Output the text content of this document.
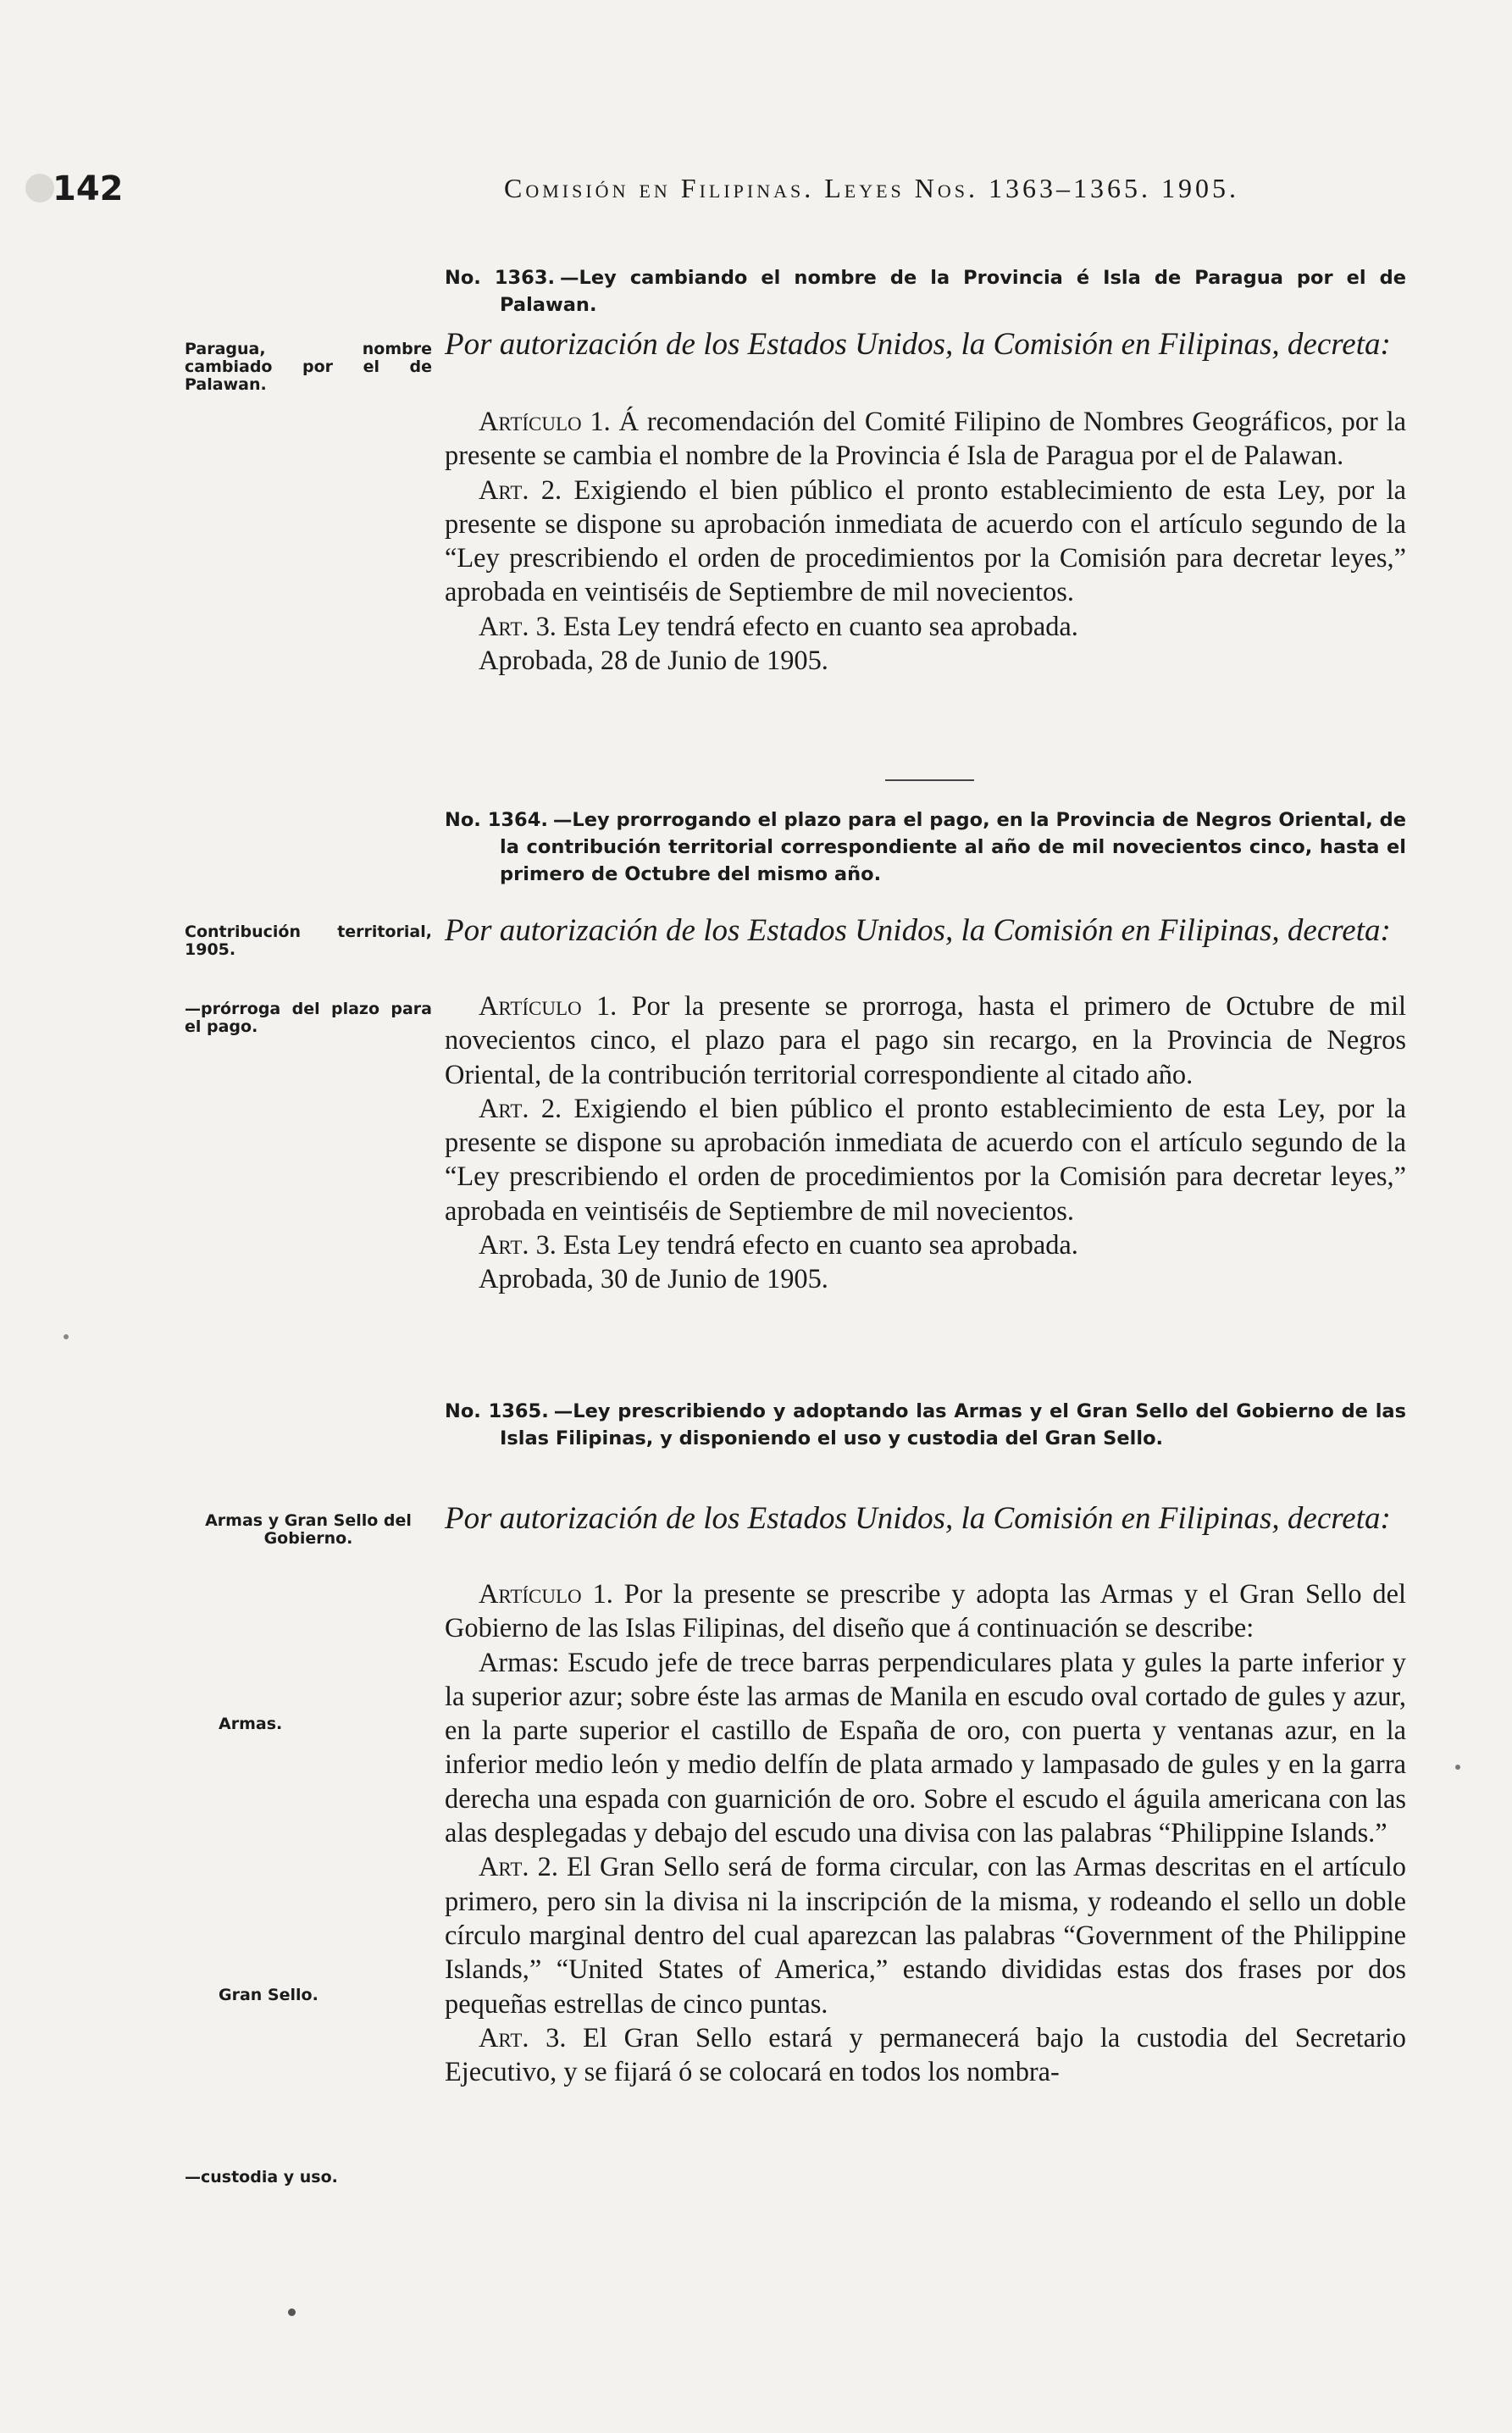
142	Comisión en Filipinas. Leyes Nos. 1363–1365. 1905.

No. 1363. —Ley cambiando el nombre de la Provincia é Isla de Paragua por el de Palawan.

Por autorización de los Estados Unidos, la Comisión en Filipinas, decreta:

Artículo 1. Á recomendación del Comité Filipino de Nombres Geográficos, por la presente se cambia el nombre de la Provincia é Isla de Paragua por el de Palawan.

Art. 2. Exigiendo el bien público el pronto establecimiento de esta Ley, por la presente se dispone su aprobación inmediata de acuerdo con el artículo segundo de la “Ley prescribiendo el orden de procedimientos por la Comisión para decretar leyes,” aprobada en veintiséis de Septiembre de mil novecientos.

Art. 3. Esta Ley tendrá efecto en cuanto sea aprobada.

Aprobada, 28 de Junio de 1905.

No. 1364. —Ley prorrogando el plazo para el pago, en la Provincia de Negros Oriental, de la contribución territorial correspondiente al año de mil novecientos cinco, hasta el primero de Octubre del mismo año.

Por autorización de los Estados Unidos, la Comisión en Filipinas, decreta:

Artículo 1. Por la presente se prorroga, hasta el primero de Octubre de mil novecientos cinco, el plazo para el pago sin recargo, en la Provincia de Negros Oriental, de la contribución territorial correspondiente al citado año.

Art. 2. Exigiendo el bien público el pronto establecimiento de esta Ley, por la presente se dispone su aprobación inmediata de acuerdo con el artículo segundo de la “Ley prescribiendo el orden de procedimientos por la Comisión para decretar leyes,” aprobada en veintiséis de Septiembre de mil novecientos.

Art. 3. Esta Ley tendrá efecto en cuanto sea aprobada.

Aprobada, 30 de Junio de 1905.

No. 1365. —Ley prescribiendo y adoptando las Armas y el Gran Sello del Gobierno de las Islas Filipinas, y disponiendo el uso y custodia del Gran Sello.

Por autorización de los Estados Unidos, la Comisión en Filipinas, decreta:

Artículo 1. Por la presente se prescribe y adopta las Armas y el Gran Sello del Gobierno de las Islas Filipinas, del diseño que á continuación se describe:

Armas: Escudo jefe de trece barras perpendiculares plata y gules la parte inferior y la superior azur; sobre éste las armas de Manila en escudo oval cortado de gules y azur, en la parte superior el castillo de España de oro, con puerta y ventanas azur, en la inferior medio león y medio delfín de plata armado y lampasado de gules y en la garra derecha una espada con guarnición de oro. Sobre el escudo el águila americana con las alas desplegadas y debajo del escudo una divisa con las palabras “Philippine Islands.”

Art. 2. El Gran Sello será de forma circular, con las Armas descritas en el artículo primero, pero sin la divisa ni la inscripción de la misma, y rodeando el sello un doble círculo marginal dentro del cual aparezcan las palabras “Government of the Philippine Islands,” “United States of America,” estando divididas estas dos frases por dos pequeñas estrellas de cinco puntas.

Art. 3. El Gran Sello estará y permanecerá bajo la custodia del Secretario Ejecutivo, y se fijará ó se colocará en todos los nombra-

Paragua, nombre cambiado por el de Palawan.
Contribución territorial, 1905.
—prórroga del plazo para el pago.
Armas y Gran Sello del Gobierno.
Armas.
Gran Sello.
—custodia y uso.
